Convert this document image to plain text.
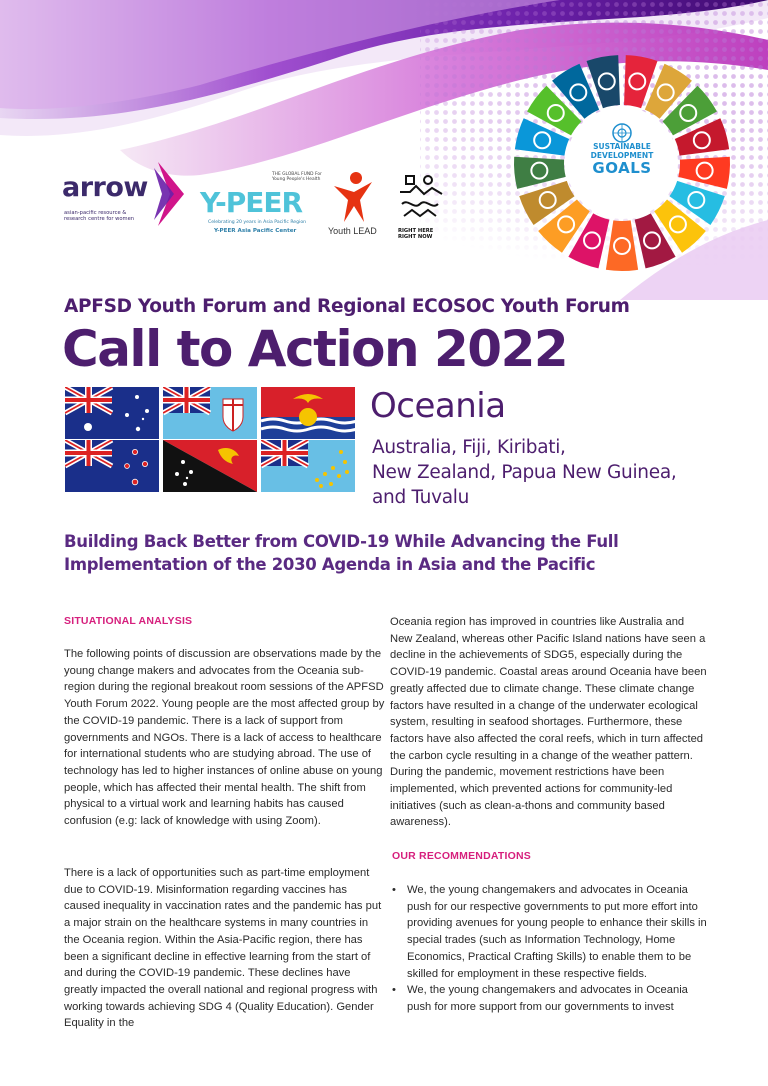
arrow
asian-pacific resource & research centre for women
THE GLOBAL FUND For Young People's Health
Y-PEER
Celebrating 20 years in Asia Pacific Region
Y-PEER Asia Pacific Center	Youth LEAD	RIGHT HERE RIGHT NOW
SUSTAINABLE
DEVELOPMENT
GOALS
APFSD Youth Forum and Regional ECOSOC Youth Forum
Call to Action 2022
Oceania
Australia, Fiji, Kiribati,
New Zealand, Papua New Guinea,
and Tuvalu
Building Back Better from COVID-19 While Advancing the Full Implementation of the 2030 Agenda in Asia and the Pacific
SITUATIONAL ANALYSIS
The following points of discussion are observations made by the young change makers and advocates from the Oceania sub-region during the regional breakout room sessions of the APFSD Youth Forum 2022. Young people are the most affected group by the COVID-19 pandemic. There is a lack of support from governments and NGOs. There is a lack of access to healthcare for international students who are studying abroad. The use of technology has led to higher instances of online abuse on young people, which has affected their mental health. The shift from physical to a virtual work and learning habits has caused confusion (e.g: lack of knowledge with using Zoom).
There is a lack of opportunities such as part-time employment due to COVID-19. Misinformation regarding vaccines has caused inequality in vaccination rates and the pandemic has put a major strain on the healthcare systems in many countries in the Oceania region. Within the Asia-Pacific region, there has been a significant decline in effective learning from the start of and during the COVID-19 pandemic. These declines have greatly impacted the overall national and regional progress with working towards achieving SDG 4 (Quality Education). Gender Equality in the
Oceania region has improved in countries like Australia and New Zealand, whereas other Pacific Island nations have seen a decline in the achievements of SDG5, especially during the COVID-19 pandemic. Coastal areas around Oceania have been greatly affected due to climate change. These climate change factors have resulted in a change of the underwater ecological system, resulting in seafood shortages. Furthermore, these factors have also affected the coral reefs, which in turn affected the carbon cycle resulting in a change of the weather pattern. During the pandemic, movement restrictions have been implemented, which prevented actions for community-led initiatives (such as clean-a-thons and community based awareness).
OUR RECOMMENDATIONS
• We, the young changemakers and advocates in Oceania push for our respective governments to put more effort into providing avenues for young people to enhance their skills in special trades (such as Information Technology, Home Economics, Practical Crafting Skills) to enable them to be skilled for employment in these respective fields.
• We, the young changemakers and advocates in Oceania push for more support from our governments to invest
